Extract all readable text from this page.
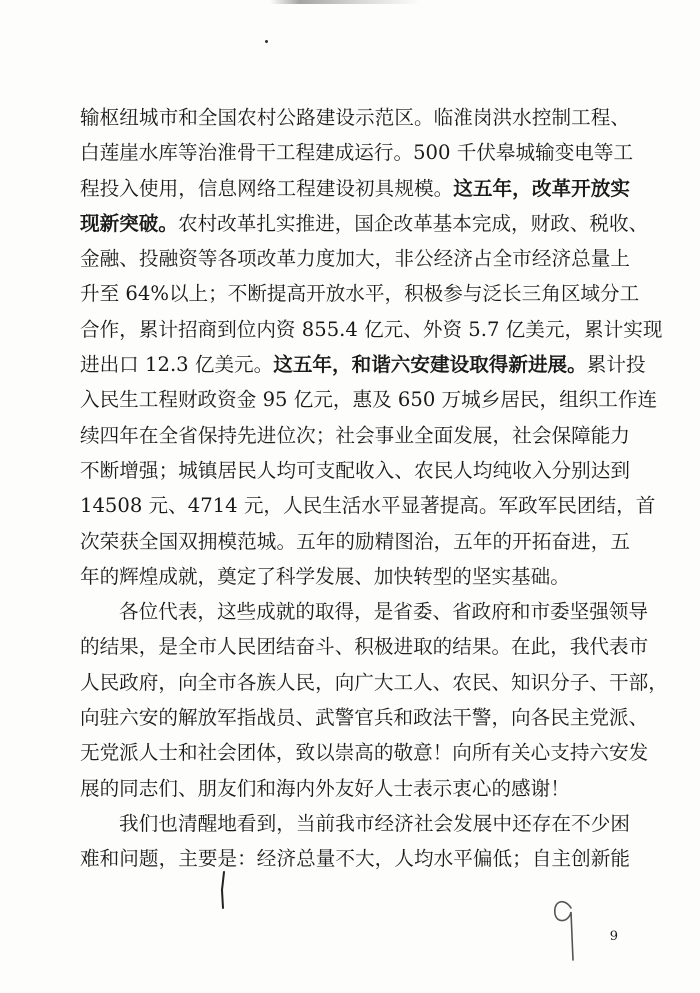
输枢纽城市和全国农村公路建设示范区。临淮岗洪水控制工程、
白莲崖水库等治淮骨干工程建成运行。500 千伏皋城输变电等工
程投入使用，信息网络工程建设初具规模。这五年，改革开放实
现新突破。农村改革扎实推进，国企改革基本完成，财政、税收、
金融、投融资等各项改革力度加大，非公经济占全市经济总量上
升至 64%以上；不断提高开放水平，积极参与泛长三角区域分工
合作，累计招商到位内资 855.4 亿元、外资 5.7 亿美元，累计实现
进出口 12.3 亿美元。这五年，和谐六安建设取得新进展。累计投
入民生工程财政资金 95 亿元，惠及 650 万城乡居民，组织工作连
续四年在全省保持先进位次；社会事业全面发展，社会保障能力
不断增强；城镇居民人均可支配收入、农民人均纯收入分别达到
14508 元、4714 元，人民生活水平显著提高。军政军民团结，首
次荣获全国双拥模范城。五年的励精图治，五年的开拓奋进，五
年的辉煌成就，奠定了科学发展、加快转型的坚实基础。
各位代表，这些成就的取得，是省委、省政府和市委坚强领导
的结果，是全市人民团结奋斗、积极进取的结果。在此，我代表市
人民政府，向全市各族人民，向广大工人、农民、知识分子、干部，
向驻六安的解放军指战员、武警官兵和政法干警，向各民主党派、
无党派人士和社会团体，致以崇高的敬意！向所有关心支持六安发
展的同志们、朋友们和海内外友好人士表示衷心的感谢！
我们也清醒地看到，当前我市经济社会发展中还存在不少困
难和问题，主要是：经济总量不大，人均水平偏低；自主创新能
9
